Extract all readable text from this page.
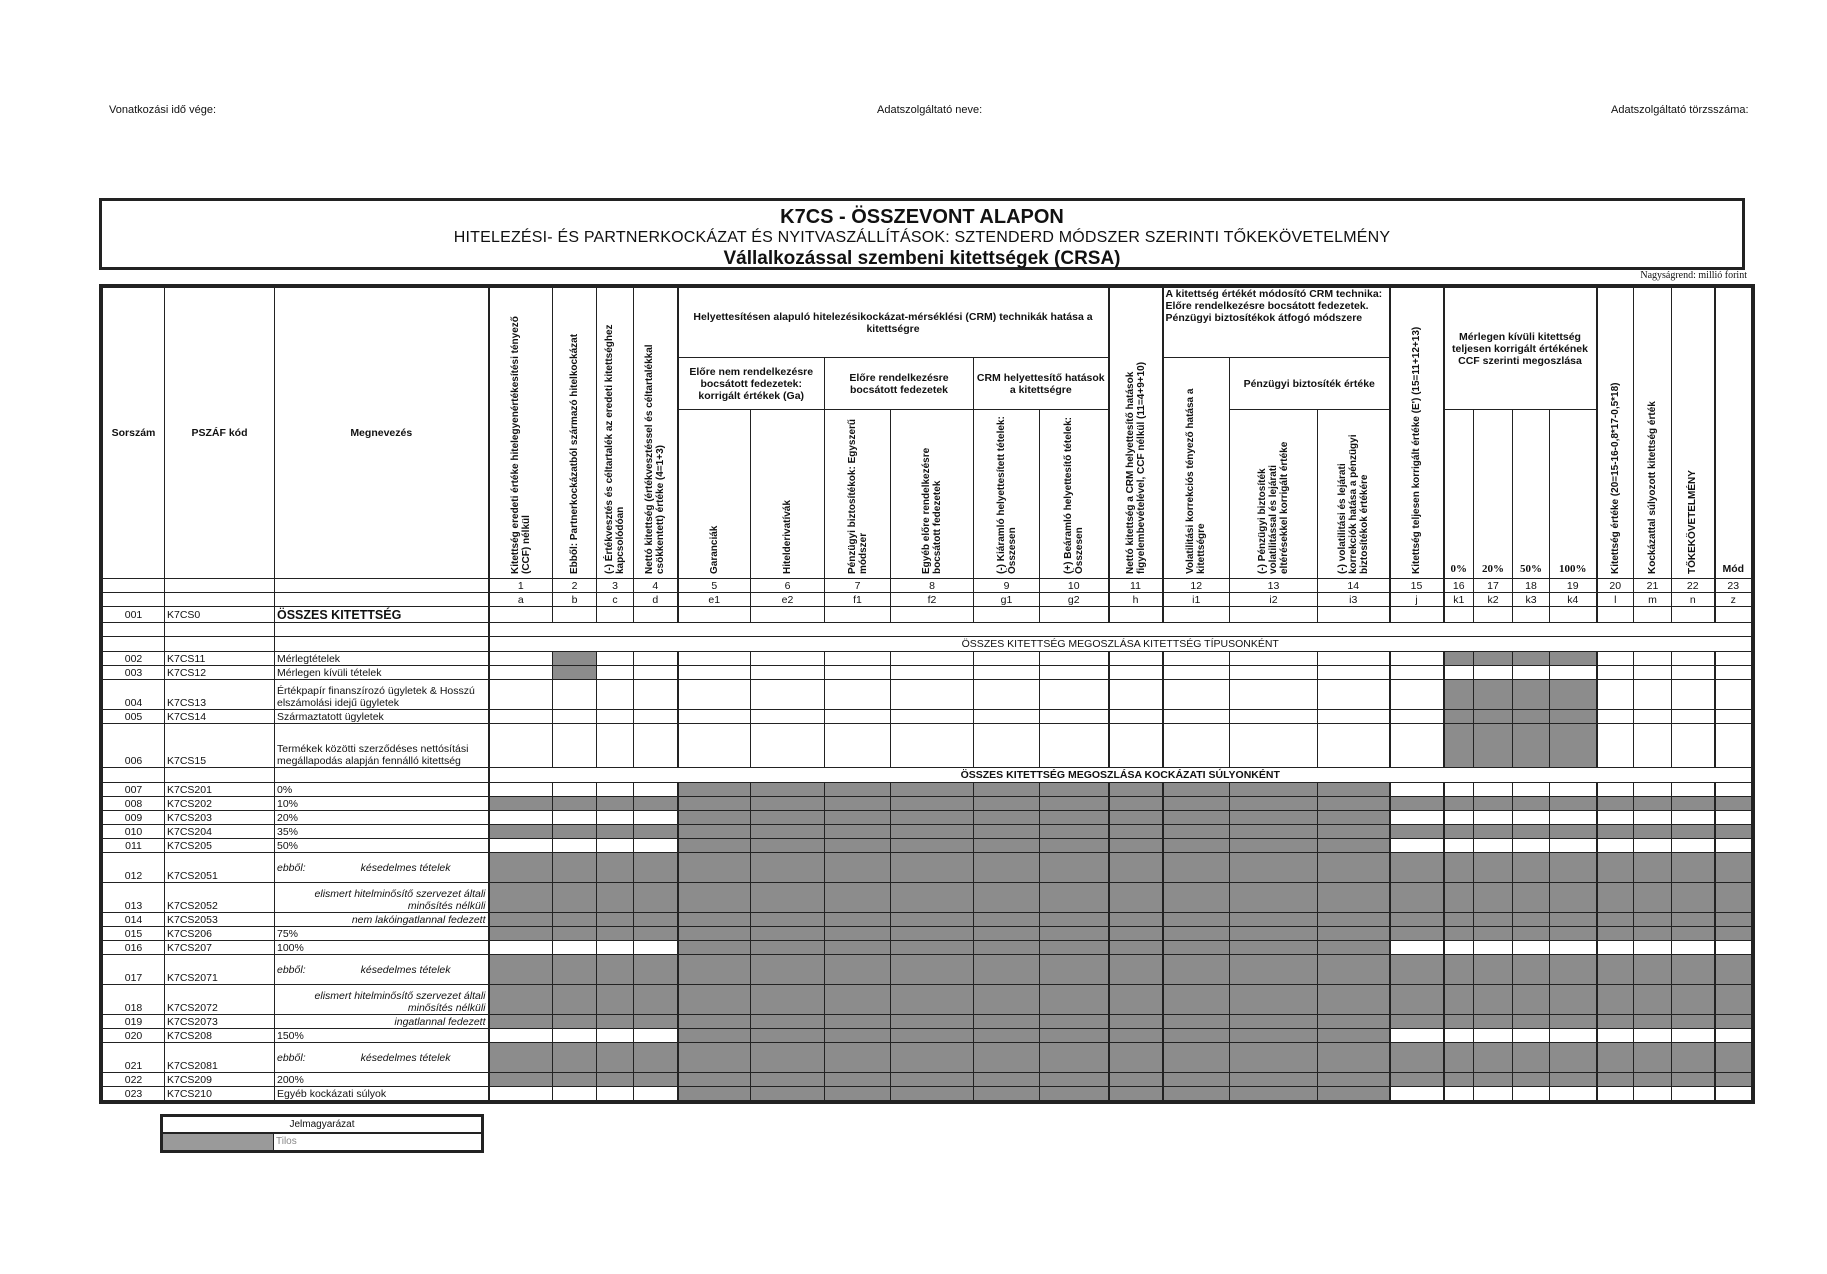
Vonatkozási idő vége:	Adatszolgáltató neve:	Adatszolgáltató törzsszáma:
K7CS - ÖSSZEVONT ALAPON
HITELEZÉSI- ÉS PARTNERKOCKÁZAT ÉS NYITVASZÁLLÍTÁSOK: SZTENDERD MÓDSZER SZERINTI TŐKEKÖVETELMÉNY
Vállalkozással szembeni kitettségek (CRSA)
Nagyságrend: millió forint
Sorszám	PSZÁF kód	Megnevezés	Kitettség eredeti értéke hitelegyenértékesítési tényező (CCF) nélkül	Ebből: Partnerkockázatból származó hitelkockázat	(-) Értékvesztés és céltartalék az eredeti kitettséghez kapcsolódóan	Nettó kitettség (értékvesztéssel és céltartalékkal csökkentett) értéke (4=1+3)	Helyettesítésen alapuló hitelezésikockázat-mérséklési (CRM) technikák hatása a kitettségre						Nettó kitettség a CRM helyettesítő hatások figyelembevételével, CCF nélkül (11=4+9+10)	A kitettség értékét módosító CRM technika: Előre rendelkezésre bocsátott fedezetek. Pénzügyi biztosítékok átfogó módszere			Kitettség teljesen korrigált értéke (E') (15=11+12+13)	Mérlegen kívüli kitettség teljesen korrigált értékének CCF szerinti megoszlása				Kitettség értéke (20=15-16-0,8*17-0,5*18)	Kockázattal súlyozott kitettség érték	TŐKEKÖVETELMÉNY	Mód
							Előre nem rendelkezésre bocsátott fedezetek: korrigált értékek (Ga)		Előre rendelkezésre bocsátott fedezetek		CRM helyettesítő hatások a kitettségre			Volatilitási korrekciós tényező hatása a kitettségre	Pénzügyi biztosíték értéke										

							Garanciák	Hitelderivatívák	Pénzügyi biztosítékok: Egyszerű módszer	Egyéb előre rendelkezésre bocsátott fedezetek	(-) Kiáramló helyettesített tételek: Összesen	(+) Beáramló helyettesítő tételek: Összesen			(-) Pénzügyi biztosíték volatilitással és lejárati eltérésekkel korrigált értéke	(-) volatilitási és lejárati korrekciók hatása a pénzügyi biztosítékok értékére		0%	20%	50%	100%				
			1	2	3	4	5	6	7	8	9	10	11	12	13	14	15	16	17	18	19	20	21	22	23
			a	b	c	d	e1	e2	f1	f2	g1	g2	h	i1	i2	i3	j	k1	k2	k3	k4	l	m	n	z
001	K7CS0	ÖSSZES KITETTSÉG																							

			ÖSSZES KITETTSÉG MEGOSZLÁSA KITETTSÉG TÍPUSONKÉNT																						
002	K7CS11	Mérlegtételek																							
003	K7CS12	Mérlegen kívüli tételek																							
004	K7CS13	Értékpapír finanszírozó ügyletek & Hosszú elszámolási idejű ügyletek																							
005	K7CS14	Származtatott ügyletek																							
006	K7CS15	Termékek közötti szerződéses nettósítási megállapodás alapján fennálló kitettség																							
			ÖSSZES KITETTSÉG MEGOSZLÁSA KOCKÁZATI SÚLYONKÉNT																						
007	K7CS201	0%																							
008	K7CS202	10%																							
009	K7CS203	20%																							
010	K7CS204	35%																							
011	K7CS205	50%																							
012	K7CS2051	ebből: késedelmes tételek																							
013	K7CS2052	elismert hitelminősítő szervezet általi minősítés nélküli																							
014	K7CS2053	nem lakóingatlannal fedezett																							
015	K7CS206	75%																							
016	K7CS207	100%																							
017	K7CS2071	ebből: késedelmes tételek																							
018	K7CS2072	elismert hitelminősítő szervezet általi minősítés nélküli																							
019	K7CS2073	ingatlannal fedezett																							
020	K7CS208	150%																							
021	K7CS2081	ebből: késedelmes tételek																							
022	K7CS209	200%																							
023	K7CS210	Egyéb kockázati súlyok																							
Jelmagyarázat
Tilos
